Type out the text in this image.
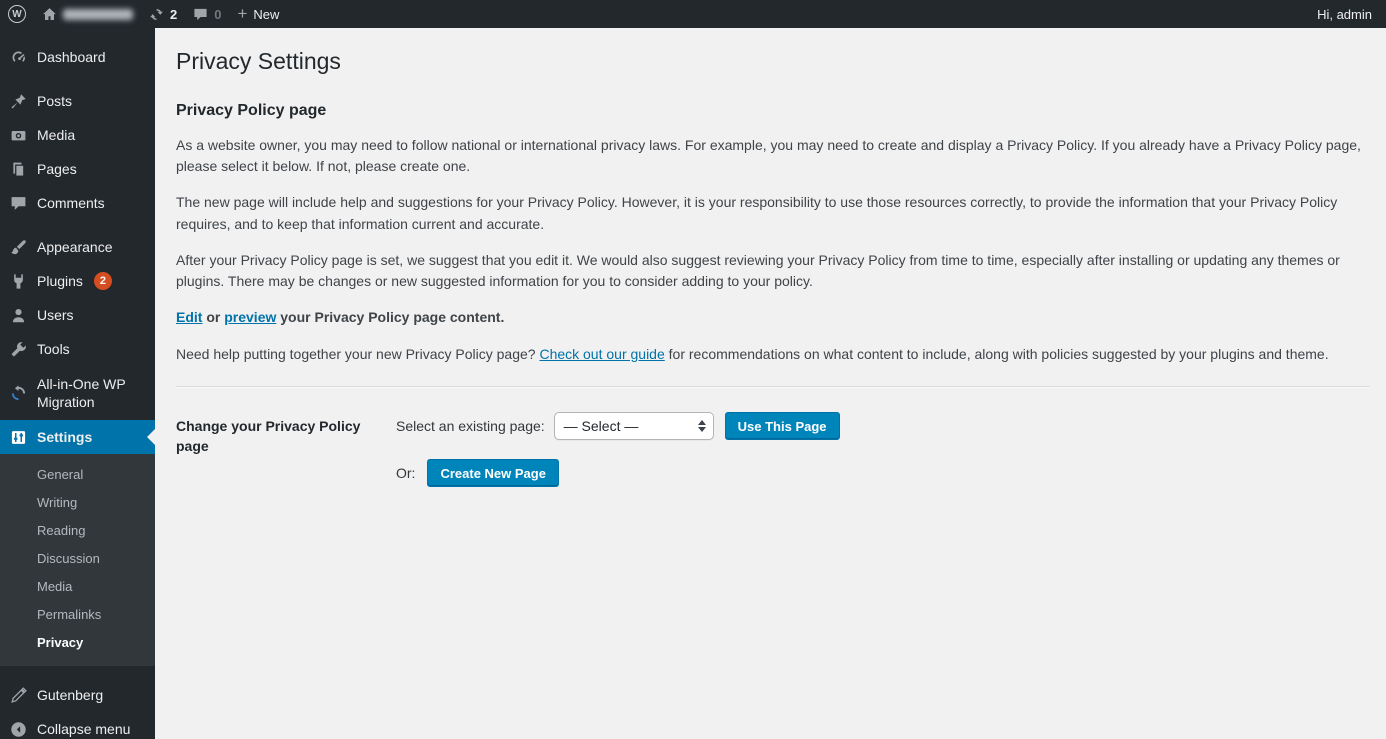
W	2	0 + New	Hi, admin
Dashboard
Posts
Media
Pages
Comments
Appearance
Plugins	2
Users
Tools
All-in-One WP Migration
Settings
General
Writing
Reading
Discussion
Media
Permalinks
Privacy
Gutenberg
Collapse menu
Privacy Settings
Privacy Policy page

As a website owner, you may need to follow national or international privacy laws. For example, you may need to create and display a Privacy Policy. If you already have a Privacy Policy page, please select it below. If not, please create one.

The new page will include help and suggestions for your Privacy Policy. However, it is your responsibility to use those resources correctly, to provide the information that your Privacy Policy requires, and to keep that information current and accurate.

After your Privacy Policy page is set, we suggest that you edit it. We would also suggest reviewing your Privacy Policy from time to time, especially after installing or updating any themes or plugins. There may be changes or new suggested information for you to consider adding to your policy.

Edit or preview your Privacy Policy page content.

Need help putting together your new Privacy Policy page? Check out our guide for recommendations on what content to include, along with policies suggested by your plugins and theme.

Change your Privacy Policy page
Select an existing page: — Select —	Use This Page
Or:	Create New Page
